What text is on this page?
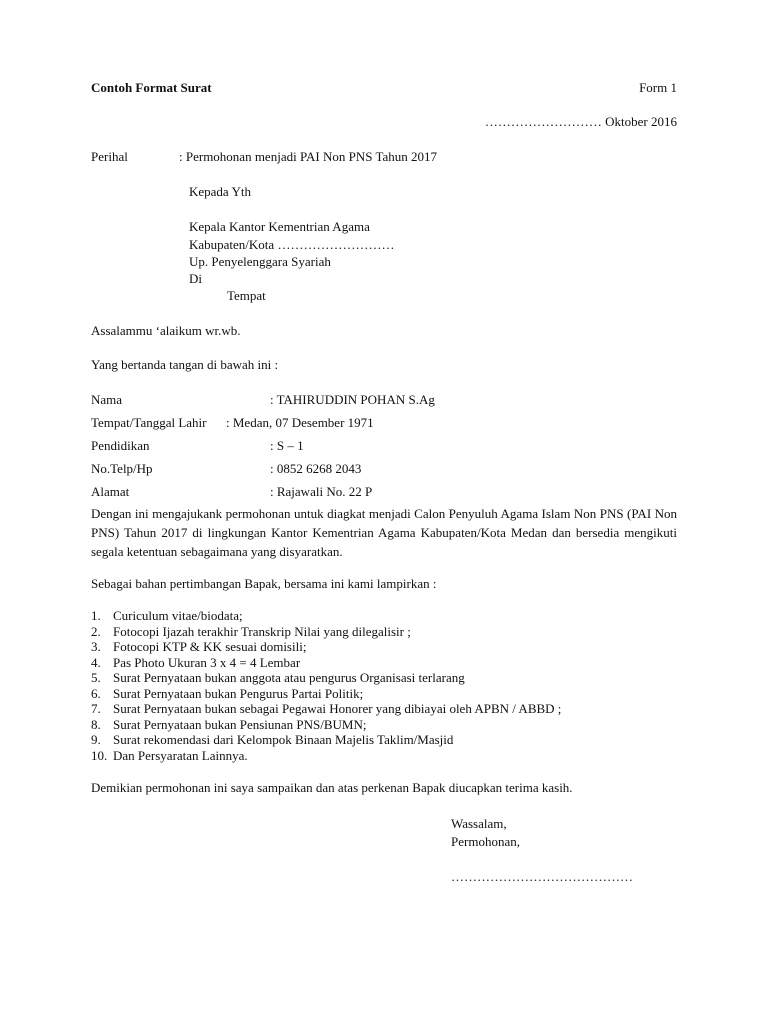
Contoh Format Surat	Form 1
……………………… Oktober 2016
Perihal	: Permohonan menjadi PAI Non PNS Tahun 2017
Kepada Yth
Kepala Kantor Kementrian Agama
Kabupaten/Kota ………………………
Up. Penyelenggara Syariah
Di
Tempat
Assalammu ‘alaikum wr.wb.
Yang bertanda tangan di bawah ini :
Nama	: TAHIRUDDIN POHAN S.Ag
Tempat/Tanggal Lahir : Medan, 07 Desember 1971
Pendidikan	: S – 1
No.Telp/Hp	: 0852 6268 2043
Alamat	: Rajawali No. 22 P
Dengan ini mengajukank permohonan untuk diagkat menjadi Calon Penyuluh Agama Islam Non PNS (PAI Non PNS) Tahun 2017 di lingkungan Kantor Kementrian Agama Kabupaten/Kota Medan dan bersedia mengikuti segala ketentuan sebagaimana yang disyaratkan.
Sebagai bahan pertimbangan Bapak, bersama ini kami lampirkan :
1. Curiculum vitae/biodata;
2. Fotocopi Ijazah terakhir Transkrip Nilai yang dilegalisir ;
3. Fotocopi KTP & KK sesuai domisili;
4. Pas Photo Ukuran 3 x 4 = 4 Lembar
5. Surat Pernyataan bukan anggota atau pengurus Organisasi terlarang
6. Surat Pernyataan bukan Pengurus Partai Politik;
7. Surat Pernyataan bukan sebagai Pegawai Honorer yang dibiayai oleh APBN / ABBD ;
8. Surat Pernyataan bukan Pensiunan PNS/BUMN;
9. Surat rekomendasi dari Kelompok Binaan Majelis Taklim/Masjid
10. Dan Persyaratan Lainnya.
Demikian permohonan ini saya sampaikan dan atas perkenan Bapak diucapkan terima kasih.
Wassalam,
Permohonan,
……………………………………
